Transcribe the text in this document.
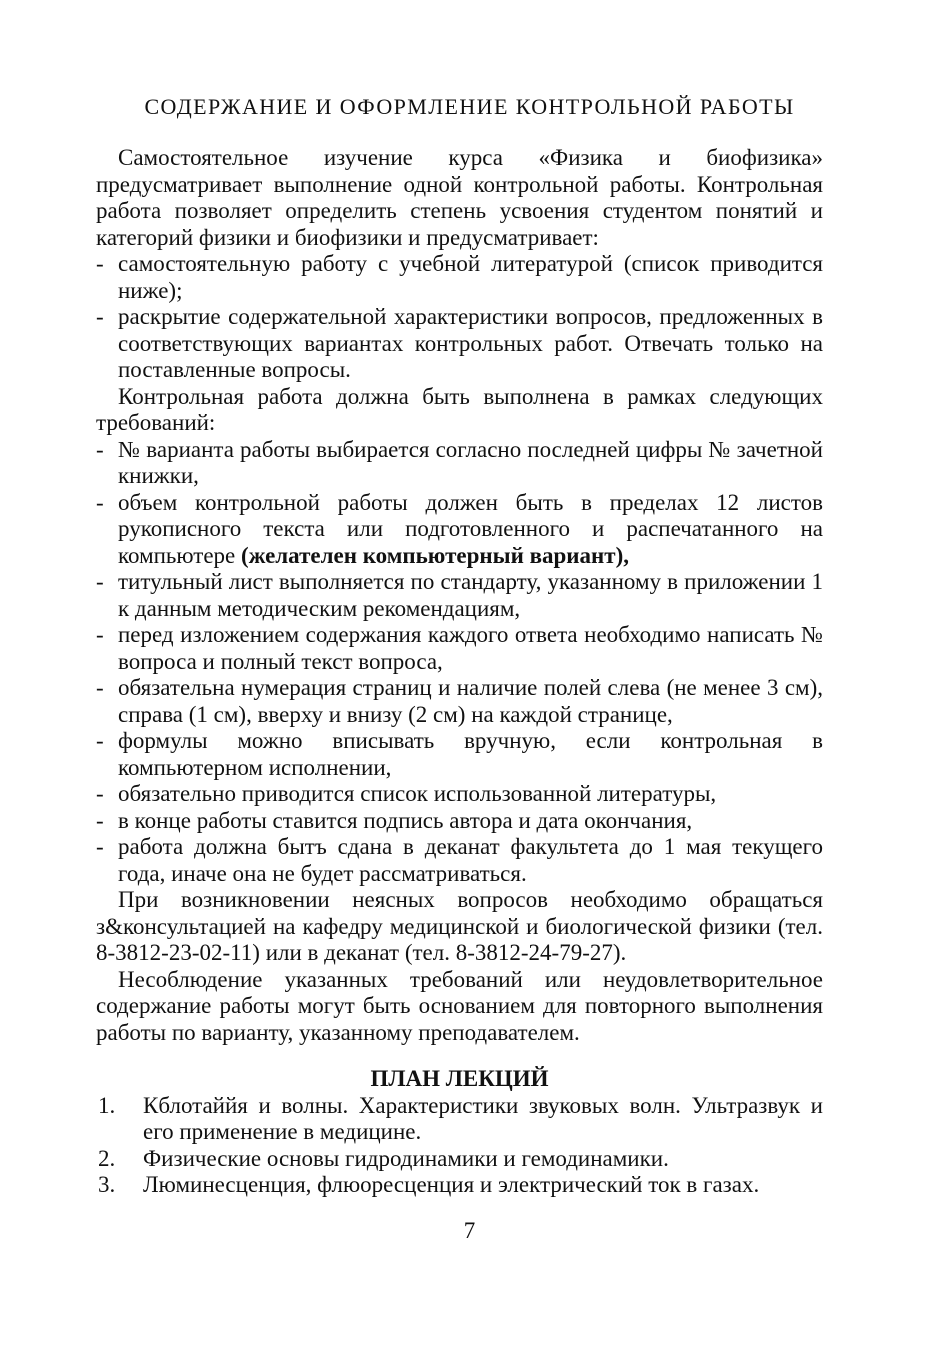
СОДЕРЖАНИЕ И ОФОРМЛЕНИЕ КОНТРОЛЬНОЙ РАБОТЫ

Самостоятельное изучение курса «Физика и биофизика» предусматривает выполнение одной контрольной работы. Контрольная работа позволяет определить степень усвоения студентом понятий и категорий физики и биофизики и предусматривает:

- самостоятельную работу с учебной литературой (список приводится ниже);
- раскрытие содержательной характеристики вопросов, предложенных в соответствующих вариантах контрольных работ. Отвечать только на поставленные вопросы.

Контрольная работа должна быть выполнена в рамках следующих требований:

- № варианта работы выбирается согласно последней цифры № зачетной книжки,
- объем контрольной работы должен быть в пределах 12 листов рукописного текста или подготовленного и распечатанного на компьютере (желателен компьютерный вариант),
- титульный лист выполняется по стандарту, указанному в приложении 1 к данным методическим рекомендациям,
- перед изложением содержания каждого ответа необходимо написать № вопроса и полный текст вопроса,
- обязательна нумерация страниц и наличие полей слева (не менее 3 см), справа (1 см), вверху и внизу (2 см) на каждой странице,
- формулы можно вписывать вручную, если контрольная в компьютерном исполнении,
- обязательно приводится список использованной литературы,
- в конце работы ставится подпись автора и дата окончания,
- работа должна бытъ сдана в деканат факультета до 1 мая текущего года, иначе она не будет рассматриваться.

При возникновении неясных вопросов необходимо обращаться з&консультацией на кафедру медицинской и биологической физики (тел. 8-3812-23-02-11) или в деканат (тел. 8-3812-24-79-27).

Несоблюдение указанных требований или неудовлетворительное содержание работы могут быть основанием для повторного выполнения работы по варианту, указанному преподавателем.

ПЛАН ЛЕКЦИЙ
1. Кблотаййя и волны. Характеристики звуковых волн. Ультразвук и его применение в медицине.
2. Физические основы гидродинамики и гемодинамики.
3. Люминесценция, флюоресценция и электрический ток в газах.
7
